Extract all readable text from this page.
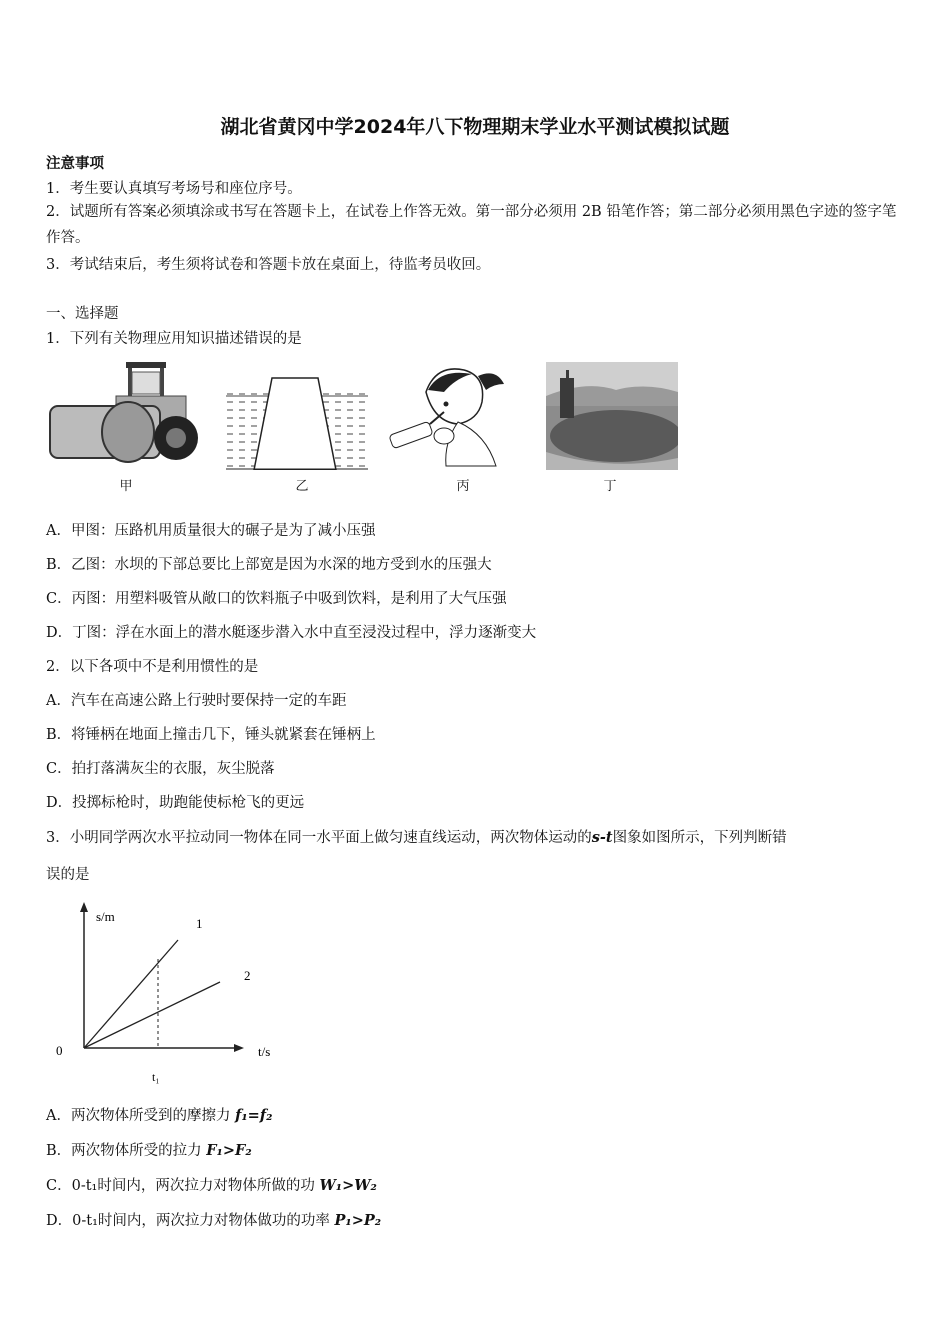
湖北省黄冈中学2024年八下物理期末学业水平测试模拟试题
注意事项
1．考生要认真填写考场号和座位序号。
2．试题所有答案必须填涂或书写在答题卡上，在试卷上作答无效。第一部分必须用 2B 铅笔作答；第二部分必须用黑色字迹的签字笔作答。
3．考试结束后，考生须将试卷和答题卡放在桌面上，待监考员收回。
一、选择题
1．下列有关物理应用知识描述错误的是
甲	乙	丙	丁
A．甲图：压路机用质量很大的碾子是为了减小压强
B．乙图：水坝的下部总要比上部宽是因为水深的地方受到水的压强大
C．丙图：用塑料吸管从敞口的饮料瓶子中吸到饮料，是利用了大气压强
D．丁图：浮在水面上的潜水艇逐步潜入水中直至浸没过程中，浮力逐渐变大
2．以下各项中不是利用惯性的是
A．汽车在高速公路上行驶时要保持一定的车距
B．将锤柄在地面上撞击几下，锤头就紧套在锤柄上
C．拍打落满灰尘的衣服，灰尘脱落
D．投掷标枪时，助跑能使标枪飞的更远
3．小明同学两次水平拉动同一物体在同一水平面上做匀速直线运动，两次物体运动的s-t图象如图所示，下列判断错
误的是
s/m
t/s
0
t₁
1
2
A．两次物体所受到的摩擦力 f₁=f₂
B．两次物体所受的拉力 F₁>F₂
C．0-t₁时间内，两次拉力对物体所做的功 W₁>W₂
D．0-t₁时间内，两次拉力对物体做功的功率 P₁>P₂
